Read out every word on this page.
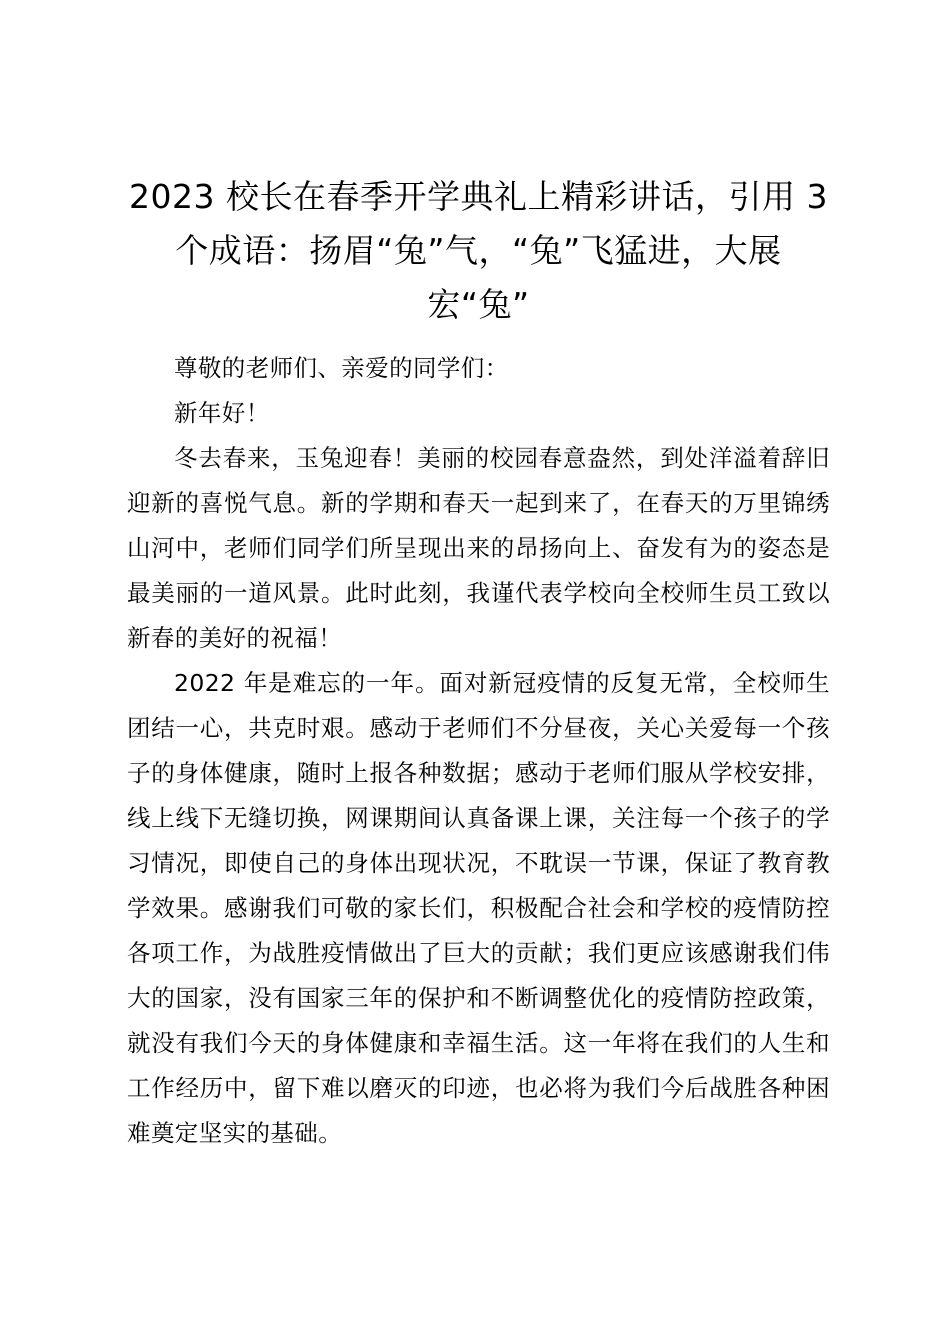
2023 校长在春季开学典礼上精彩讲话，引用 3 个成语：扬眉“兔”气，“兔”飞猛进，大展宏“兔”

尊敬的老师们、亲爱的同学们：

新年好！

冬去春来，玉兔迎春！美丽的校园春意盎然，到处洋溢着辞旧迎新的喜悦气息。新的学期和春天一起到来了，在春天的万里锦绣山河中，老师们同学们所呈现出来的昂扬向上、奋发有为的姿态是最美丽的一道风景。此时此刻，我谨代表学校向全校师生员工致以新春的美好的祝福！

2022 年是难忘的一年。面对新冠疫情的反复无常，全校师生团结一心，共克时艰。感动于老师们不分昼夜，关心关爱每一个孩子的身体健康，随时上报各种数据；感动于老师们服从学校安排，线上线下无缝切换，网课期间认真备课上课，关注每一个孩子的学习情况，即使自己的身体出现状况，不耽误一节课，保证了教育教学效果。感谢我们可敬的家长们，积极配合社会和学校的疫情防控各项工作，为战胜疫情做出了巨大的贡献；我们更应该感谢我们伟大的国家，没有国家三年的保护和不断调整优化的疫情防控政策，就没有我们今天的身体健康和幸福生活。这一年将在我们的人生和工作经历中，留下难以磨灭的印迹，也必将为我们今后战胜各种困难奠定坚实的基础。
